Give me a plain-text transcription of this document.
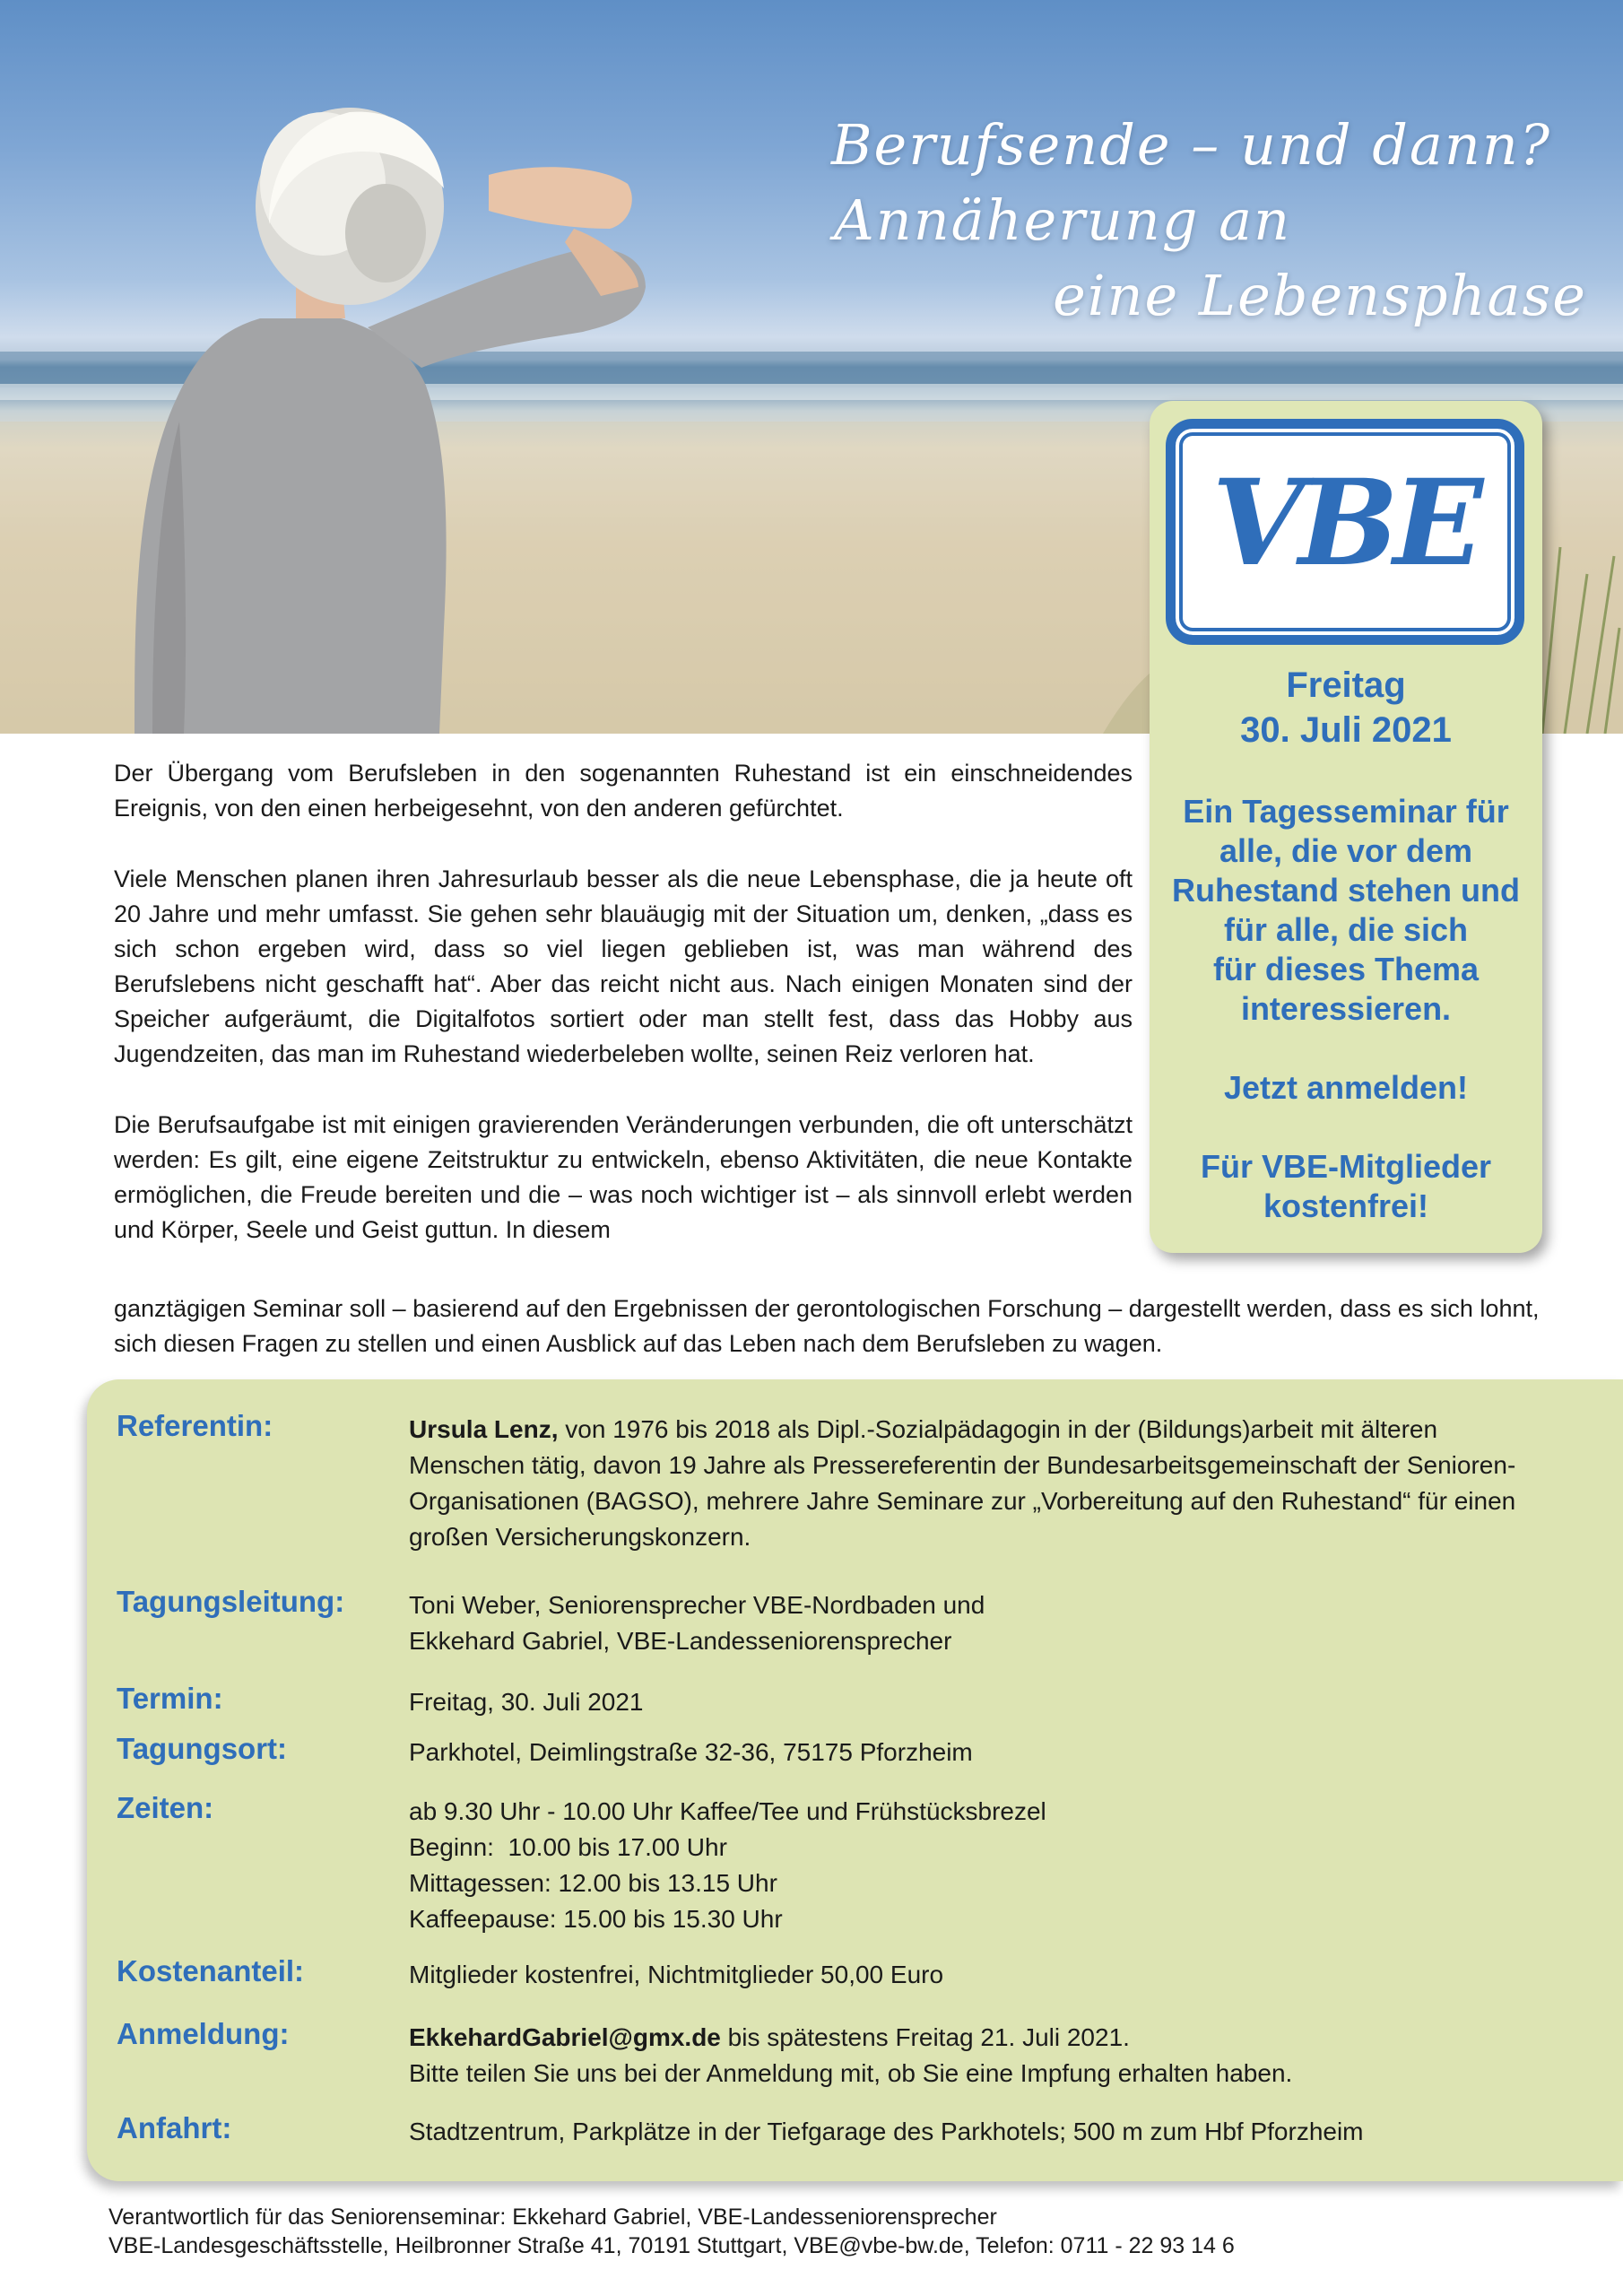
Berufsende – und dann?
Annäherung an
eine Lebensphase
VBE
Freitag
30. Juli 2021
Ein Tagesseminar für
alle, die vor dem
Ruhestand stehen und
für alle, die sich
für dieses Thema
interessieren.
Jetzt anmelden!
Für VBE-Mitglieder
kostenfrei!

Der Übergang vom Berufsleben in den sogenannten Ruhestand ist ein einschneidendes Ereignis, von den einen herbeigesehnt, von den anderen gefürchtet.

Viele Menschen planen ihren Jahresurlaub besser als die neue Lebensphase, die ja heute oft 20 Jahre und mehr umfasst. Sie gehen sehr blauäugig mit der Situation um, denken, „dass es sich schon ergeben wird, dass so viel liegen geblieben ist, was man während des Berufslebens nicht geschafft hat“. Aber das reicht nicht aus. Nach einigen Monaten sind der Speicher aufgeräumt, die Digitalfotos sortiert oder man stellt fest, dass das Hobby aus Jugendzeiten, das man im Ruhestand wiederbeleben wollte, seinen Reiz verloren hat.

Die Berufsaufgabe ist mit einigen gravierenden Veränderungen verbunden, die oft unterschätzt werden: Es gilt, eine eigene Zeitstruktur zu entwickeln, ebenso Aktivitäten, die neue Kontakte ermöglichen, die Freude bereiten und die – was noch wichtiger ist – als sinnvoll erlebt werden und Körper, Seele und Geist guttun. In diesem

ganztägigen Seminar soll – basierend auf den Ergebnissen der gerontologischen Forschung – dargestellt werden, dass es sich lohnt, sich diesen Fragen zu stellen und einen Ausblick auf das Leben nach dem Berufsleben zu wagen.
Referentin:	Ursula Lenz, von 1976 bis 2018 als Dipl.-Sozialpädagogin in der (Bildungs)arbeit mit älteren Menschen tätig, davon 19 Jahre als Pressereferentin der Bundesarbeitsgemeinschaft der Senioren-Organisationen (BAGSO), mehrere Jahre Seminare zur „Vorbereitung auf den Ruhestand“ für einen großen Versicherungskonzern.
Tagungsleitung:	Toni Weber, Seniorensprecher VBE-Nordbaden und
Ekkehard Gabriel, VBE-Landesseniorensprecher
Termin:	Freitag, 30. Juli 2021
Tagungsort:	Parkhotel, Deimlingstraße 32-36, 75175 Pforzheim
Zeiten:	ab 9.30 Uhr - 10.00 Uhr Kaffee/Tee und Frühstücksbrezel
Beginn:  10.00 bis 17.00 Uhr
Mittagessen: 12.00 bis 13.15 Uhr
Kaffeepause: 15.00 bis 15.30 Uhr
Kostenanteil:	Mitglieder kostenfrei, Nichtmitglieder 50,00 Euro
Anmeldung:	EkkehardGabriel@gmx.de bis spätestens Freitag 21. Juli 2021.
Bitte teilen Sie uns bei der Anmeldung mit, ob Sie eine Impfung erhalten haben.
Anfahrt:	Stadtzentrum, Parkplätze in der Tiefgarage des Parkhotels; 500 m zum Hbf Pforzheim
Verantwortlich für das Seniorenseminar: Ekkehard Gabriel, VBE-Landesseniorensprecher
VBE-Landesgeschäftsstelle, Heilbronner Straße 41, 70191 Stuttgart, VBE@vbe-bw.de, Telefon: 0711 - 22 93 14 6
